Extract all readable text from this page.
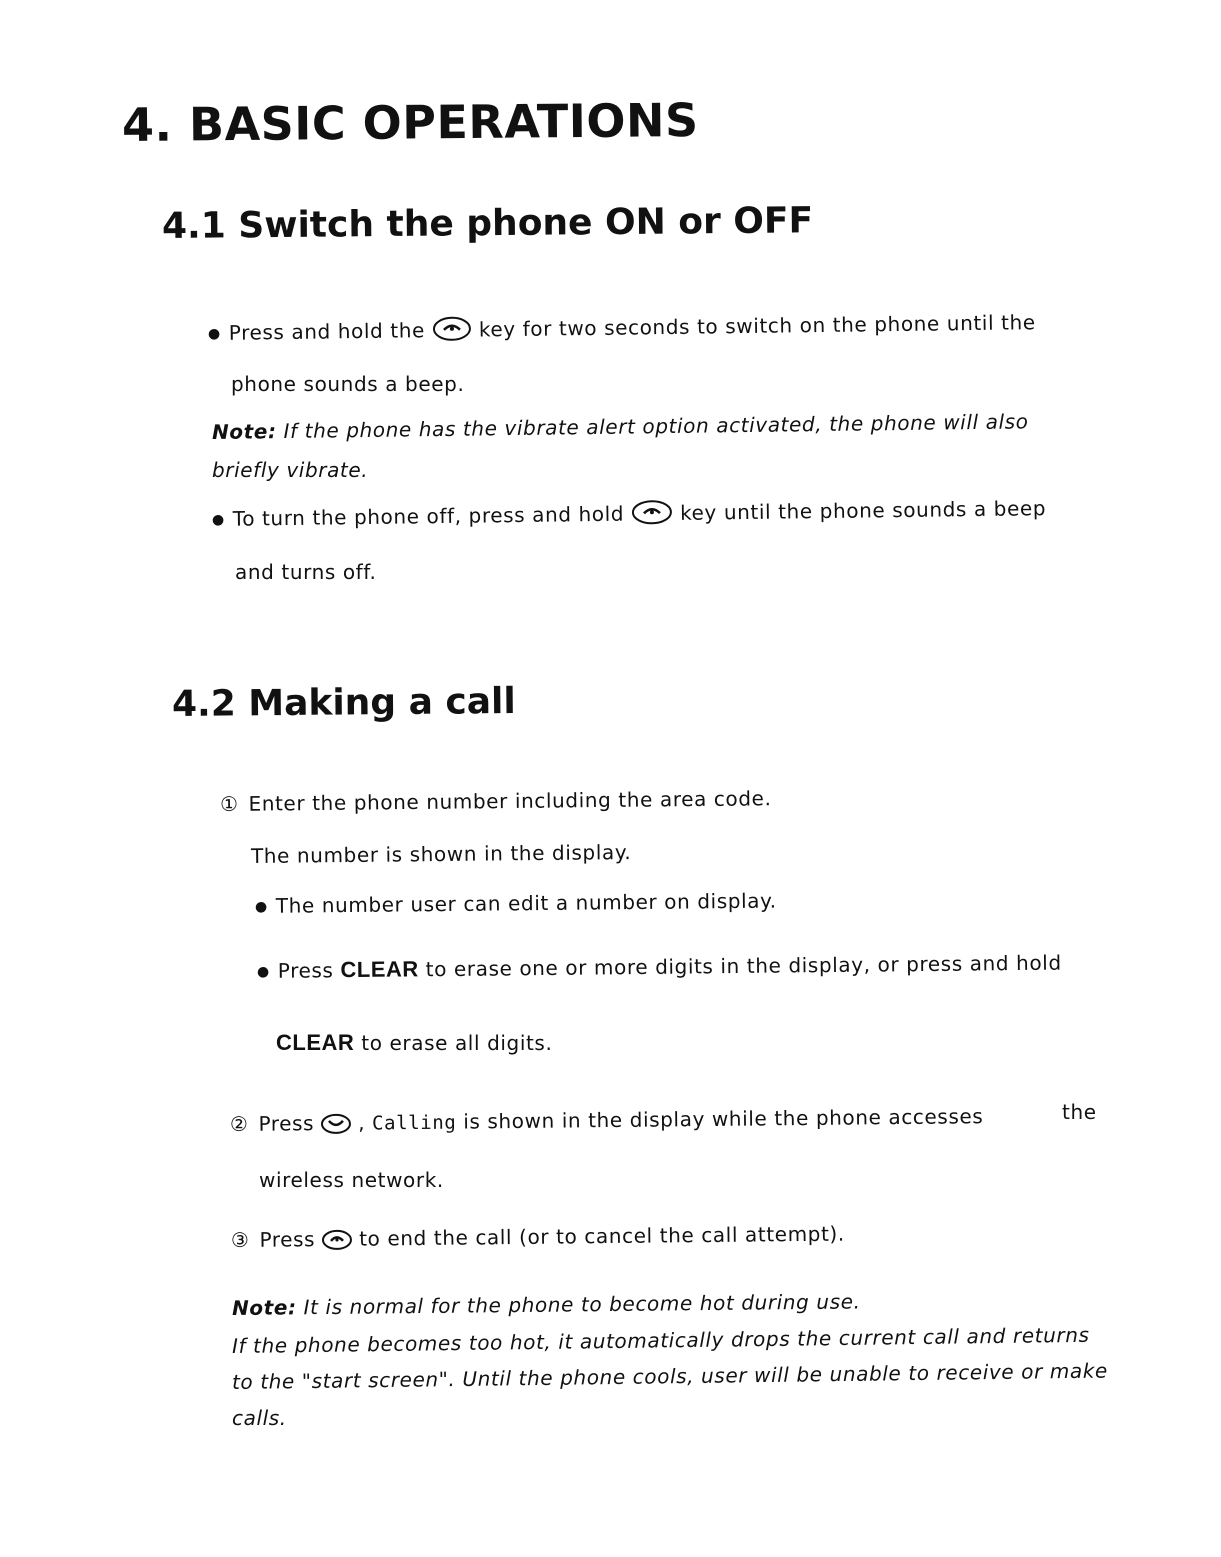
4. BASIC OPERATIONS
4.1 Switch the phone ON or OFF
● Press and hold the	key for two seconds to switch on the phone until the
phone sounds a beep.
Note: If the phone has the vibrate alert option activated, the phone will also
briefly vibrate.
● To turn the phone off, press and hold	key until the phone sounds a beep
and turns off.
4.2 Making a call
① Enter the phone number including the area code.
The number is shown in the display.
● The number user can edit a number on display.
● Press CLEAR to erase one or more digits in the display, or press and hold
CLEAR to erase all digits.
② Press , Calling is shown in the display while the phone accesses	the
wireless network.
③ Press to end the call (or to cancel the call attempt).
Note: It is normal for the phone to become hot during use.
If the phone becomes too hot, it automatically drops the current call and returns
to the "start screen". Until the phone cools, user will be unable to receive or make
calls.
